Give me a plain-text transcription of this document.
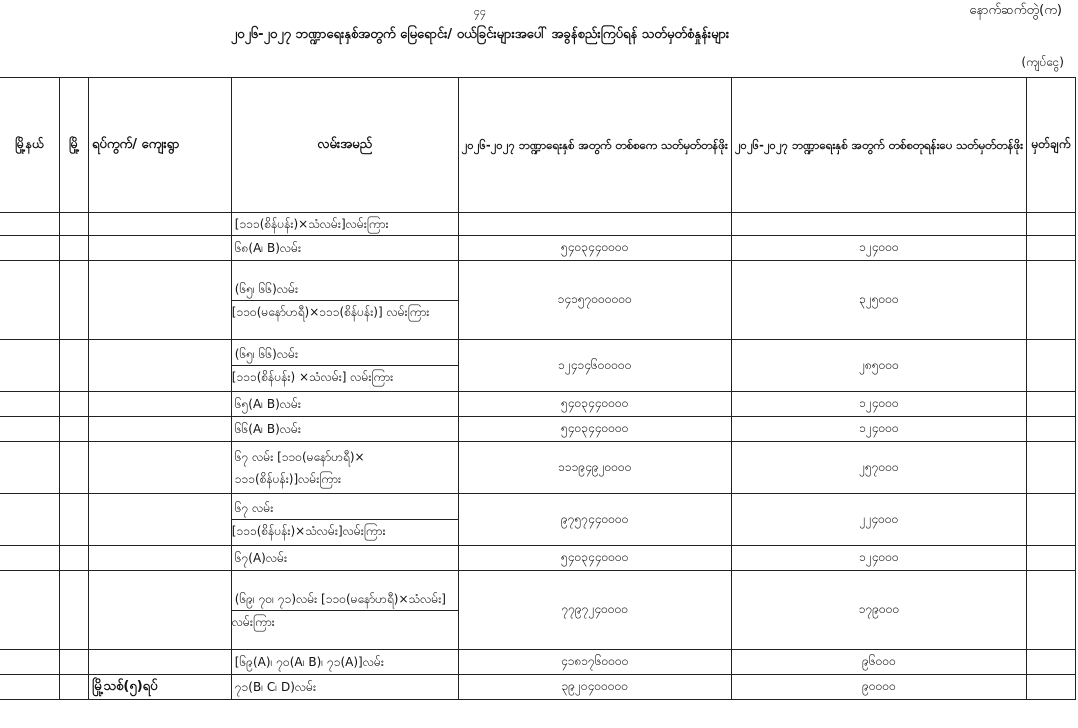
၄၄	နောက်ဆက်တွဲ(က)
၂၀၂၆-၂၀၂၇ ဘဏ္ဍာရေးနှစ်အတွက် မြေရောင်း/ ဝယ်ခြင်းများအပေါ် အခွန်စည်းကြပ်ရန် သတ်မှတ်စံနှုန်းများ
(ကျပ်ငွေ)
မြို့နယ်	မြို့	ရပ်ကွက်/ ကျေးရွာ	လမ်းအမည်	၂၀၂၆-၂၀၂၇ ဘဏ္ဍာရေးနှစ် အတွက် တစ်စကေ သတ်မှတ်တန်ဖိုး	၂၀၂၆-၂၀၂၇ ဘဏ္ဍာရေးနှစ် အတွက် တစ်စတုရန်းပေ သတ်မှတ်တန်ဖိုး	မှတ်ချက်

			[၁၁၁(စိန်ပန်း)×သံလမ်း]လမ်းကြား			

			၆၈(A၊ B)လမ်း	၅၄၀၃၄၄၀၀၀၀	၁၂၄၀၀၀	

			(၆၅၊ ၆၆)လမ်း
[၁၁၀(မနော်ဟရီ)×၁၁၁(စိန်ပန်း)] လမ်းကြား	၁၄၁၅၇၀၀၀၀၀၀	၃၂၅၀၀၀	

			(၆၅၊ ၆၆)လမ်း
[၁၁၁(စိန်ပန်း) ×သံလမ်း] လမ်းကြား	၁၂၄၁၄၆၀၀၀၀၀	၂၈၅၀၀၀	

			၆၅(A၊ B)လမ်း	၅၄၀၃၄၄၀၀၀၀	၁၂၄၀၀၀	

			၆၆(A၊ B)လမ်း	၅၄၀၃၄၄၀၀၀၀	၁၂၄၀၀၀	

			၆၇ လမ်း [၁၁၀(မနော်ဟရီ)×
၁၁၁(စိန်ပန်း)]လမ်းကြား	၁၁၁၉၄၉၂၀၀၀၀	၂၅၇၀၀၀	

			၆၇ လမ်း
[၁၁၁(စိန်ပန်း)×သံလမ်း]လမ်းကြား	၉၇၅၇၄၄၀၀၀၀	၂၂၄၀၀၀	

			၆၇(A)လမ်း	၅၄၀၃၄၄၀၀၀၀	၁၂၄၀၀၀	

			(၆၉၊ ၇၀၊ ၇၁)လမ်း [၁၁၀(မနော်ဟရီ)×သံလမ်း]
လမ်းကြား	၇၇၉၇၂၄၀၀၀၀	၁၇၉၀၀၀	

			[၆၉(A)၊ ၇၀(A၊ B)၊ ၇၁(A)]လမ်း	၄၁၈၁၇၆၀၀၀၀	၉၆၀၀၀	
		မြို့သစ်(၅)ရပ်	၇၁(B၊ C၊ D)လမ်း	၃၉၂၀၄၀၀၀၀၀	၉၀၀၀၀	
